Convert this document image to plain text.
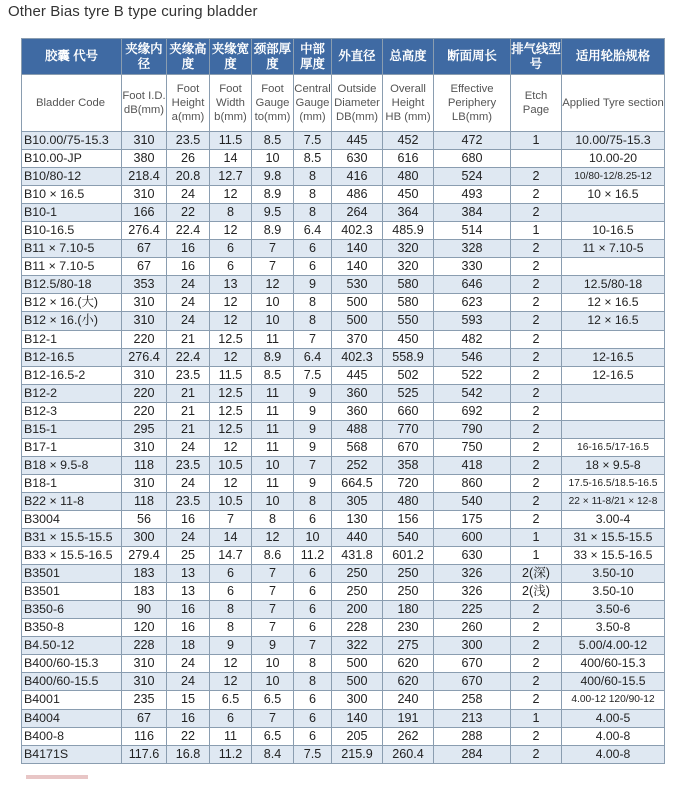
Other Bias tyre B type curing bladder
胶囊 代号	夹缘内径	夹缘高度	夹缘宽度	颈部厚度	中部厚度	外直径	总高度	断面周长	排气线型号	适用轮胎规格

Bladder Code	Foot I.D. dB(mm)	Foot Height a(mm)	Foot Width b(mm)	Foot Gauge to(mm)	Central Gauge (mm)	Outside Diameter DB(mm)	Overall Height HB (mm)	Effective Periphery LB(mm)	Etch Page	Applied Tyre section

B10.00/75-15.3	310	23.5	11.5	8.5	7.5	445	452	472	1	10.00/75-15.3
B10.00-JP	380	26	14	10	8.5	630	616	680		10.00-20
B10/80-12	218.4	20.8	12.7	9.8	8	416	480	524	2	10/80-12/8.25-12
B10 × 16.5	310	24	12	8.9	8	486	450	493	2	10 × 16.5
B10-1	166	22	8	9.5	8	264	364	384	2	
B10-16.5	276.4	22.4	12	8.9	6.4	402.3	485.9	514	1	10-16.5
B11 × 7.10-5	67	16	6	7	6	140	320	328	2	11 × 7.10-5
B11 × 7.10-5	67	16	6	7	6	140	320	330	2	
B12.5/80-18	353	24	13	12	9	530	580	646	2	12.5/80-18
B12 × 16.(大)	310	24	12	10	8	500	580	623	2	12 × 16.5
B12 × 16.(小)	310	24	12	10	8	500	550	593	2	12 × 16.5
B12-1	220	21	12.5	11	7	370	450	482	2	
B12-16.5	276.4	22.4	12	8.9	6.4	402.3	558.9	546	2	12-16.5
B12-16.5-2	310	23.5	11.5	8.5	7.5	445	502	522	2	12-16.5
B12-2	220	21	12.5	11	9	360	525	542	2	
B12-3	220	21	12.5	11	9	360	660	692	2	
B15-1	295	21	12.5	11	9	488	770	790	2	
B17-1	310	24	12	11	9	568	670	750	2	16-16.5/17-16.5
B18 × 9.5-8	118	23.5	10.5	10	7	252	358	418	2	18 × 9.5-8
B18-1	310	24	12	11	9	664.5	720	860	2	17.5-16.5/18.5-16.5
B22 × 11-8	118	23.5	10.5	10	8	305	480	540	2	22 × 11-8/21 × 12-8
B3004	56	16	7	8	6	130	156	175	2	3.00-4
B31 × 15.5-15.5	300	24	14	12	10	440	540	600	1	31 × 15.5-15.5
B33 × 15.5-16.5	279.4	25	14.7	8.6	11.2	431.8	601.2	630	1	33 × 15.5-16.5
B3501	183	13	6	7	6	250	250	326	2(深)	3.50-10
B3501	183	13	6	7	6	250	250	326	2(浅)	3.50-10
B350-6	90	16	8	7	6	200	180	225	2	3.50-6
B350-8	120	16	8	7	6	228	230	260	2	3.50-8
B4.50-12	228	18	9	9	7	322	275	300	2	5.00/4.00-12
B400/60-15.3	310	24	12	10	8	500	620	670	2	400/60-15.3
B400/60-15.5	310	24	12	10	8	500	620	670	2	400/60-15.5
B4001	235	15	6.5	6.5	6	300	240	258	2	4.00-12 120/90-12
B4004	67	16	6	7	6	140	191	213	1	4.00-5
B400-8	116	22	11	6.5	6	205	262	288	2	4.00-8
B4171S	117.6	16.8	11.2	8.4	7.5	215.9	260.4	284	2	4.00-8
